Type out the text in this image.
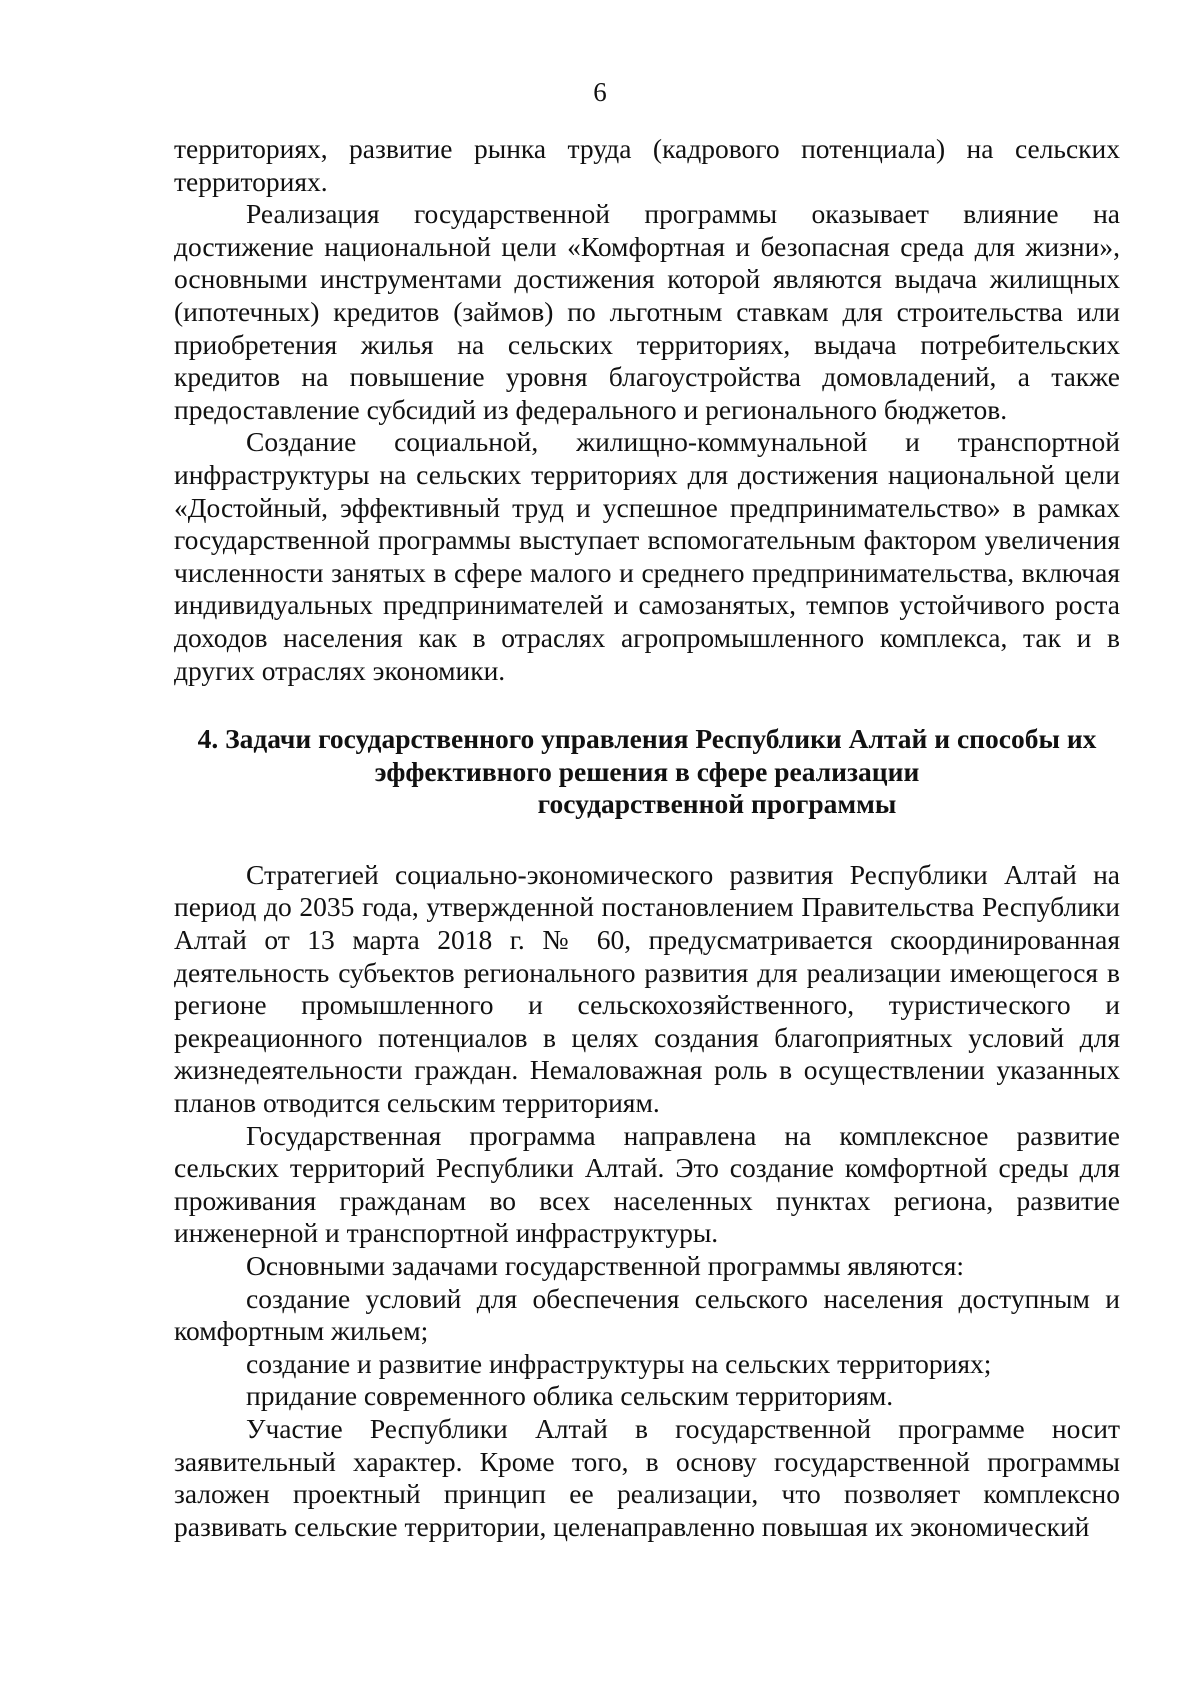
6

территориях, развитие рынка труда (кадрового потенциала) на сельских территориях.

Реализация государственной программы оказывает влияние на достижение национальной цели «Комфортная и безопасная среда для жизни», основными инструментами достижения которой являются выдача жилищных (ипотечных) кредитов (займов) по льготным ставкам для строительства или приобретения жилья на сельских территориях, выдача потребительских кредитов на повышение уровня благоустройства домовладений, а также предоставление субсидий из федерального и регионального бюджетов.

Создание социальной, жилищно-коммунальной и транспортной инфраструктуры на сельских территориях для достижения национальной цели «Достойный, эффективный труд и успешное предпринимательство» в рамках государственной программы выступает вспомогательным фактором увеличения численности занятых в сфере малого и среднего предпринимательства, включая индивидуальных предпринимателей и самозанятых, темпов устойчивого роста доходов населения как в отраслях агропромышленного комплекса, так и в других отраслях экономики.

4. Задачи государственного управления Республики Алтай и способы их
эффективного решения в сфере реализации
государственной программы

Стратегией социально-экономического развития Республики Алтай на период до 2035 года, утвержденной постановлением Правительства Республики Алтай от 13 марта 2018 г. № 60, предусматривается скоординированная деятельность субъектов регионального развития для реализации имеющегося в регионе промышленного и сельскохозяйственного, туристического и рекреационного потенциалов в целях создания благоприятных условий для жизнедеятельности граждан. Немаловажная роль в осуществлении указанных планов отводится сельским территориям.

Государственная программа направлена на комплексное развитие сельских территорий Республики Алтай. Это создание комфортной среды для проживания гражданам во всех населенных пунктах региона, развитие инженерной и транспортной инфраструктуры.

Основными задачами государственной программы являются:

создание условий для обеспечения сельского населения доступным и комфортным жильем;

создание и развитие инфраструктуры на сельских территориях;

придание современного облика сельским территориям.

Участие Республики Алтай в государственной программе носит заявительный характер. Кроме того, в основу государственной программы заложен проектный принцип ее реализации, что позволяет комплексно развивать сельские территории, целенаправленно повышая их экономический
